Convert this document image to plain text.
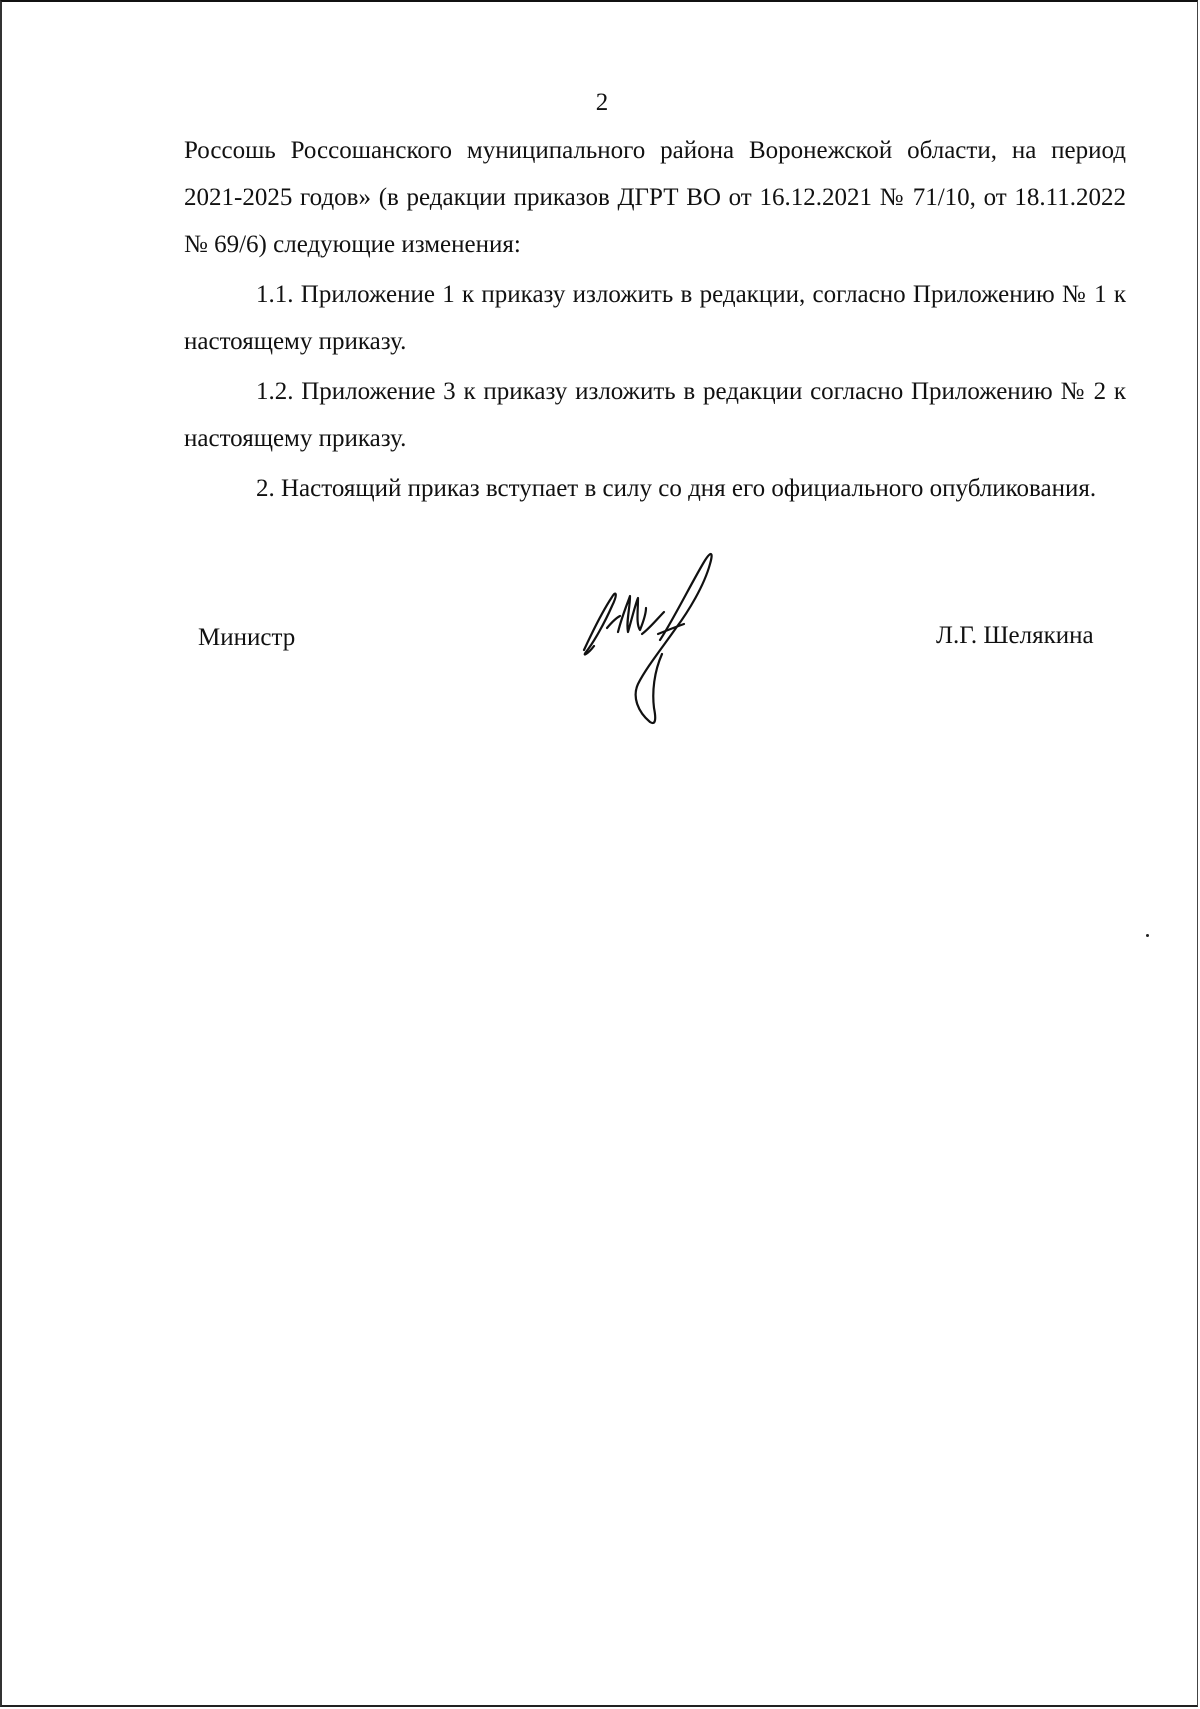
2

Россошь Россошанского муниципального района Воронежской области, на период 2021-2025 годов» (в редакции приказов ДГРТ ВО от 16.12.2021 № 71/10, от 18.11.2022 № 69/6) следующие изменения:

1.1. Приложение 1 к приказу изложить в редакции, согласно Приложению № 1 к настоящему приказу.

1.2. Приложение 3 к приказу изложить в редакции согласно Приложению № 2 к настоящему приказу.

2. Настоящий приказ вступает в силу со дня его официального опубликования.

Министр	Л.Г. Шелякина
